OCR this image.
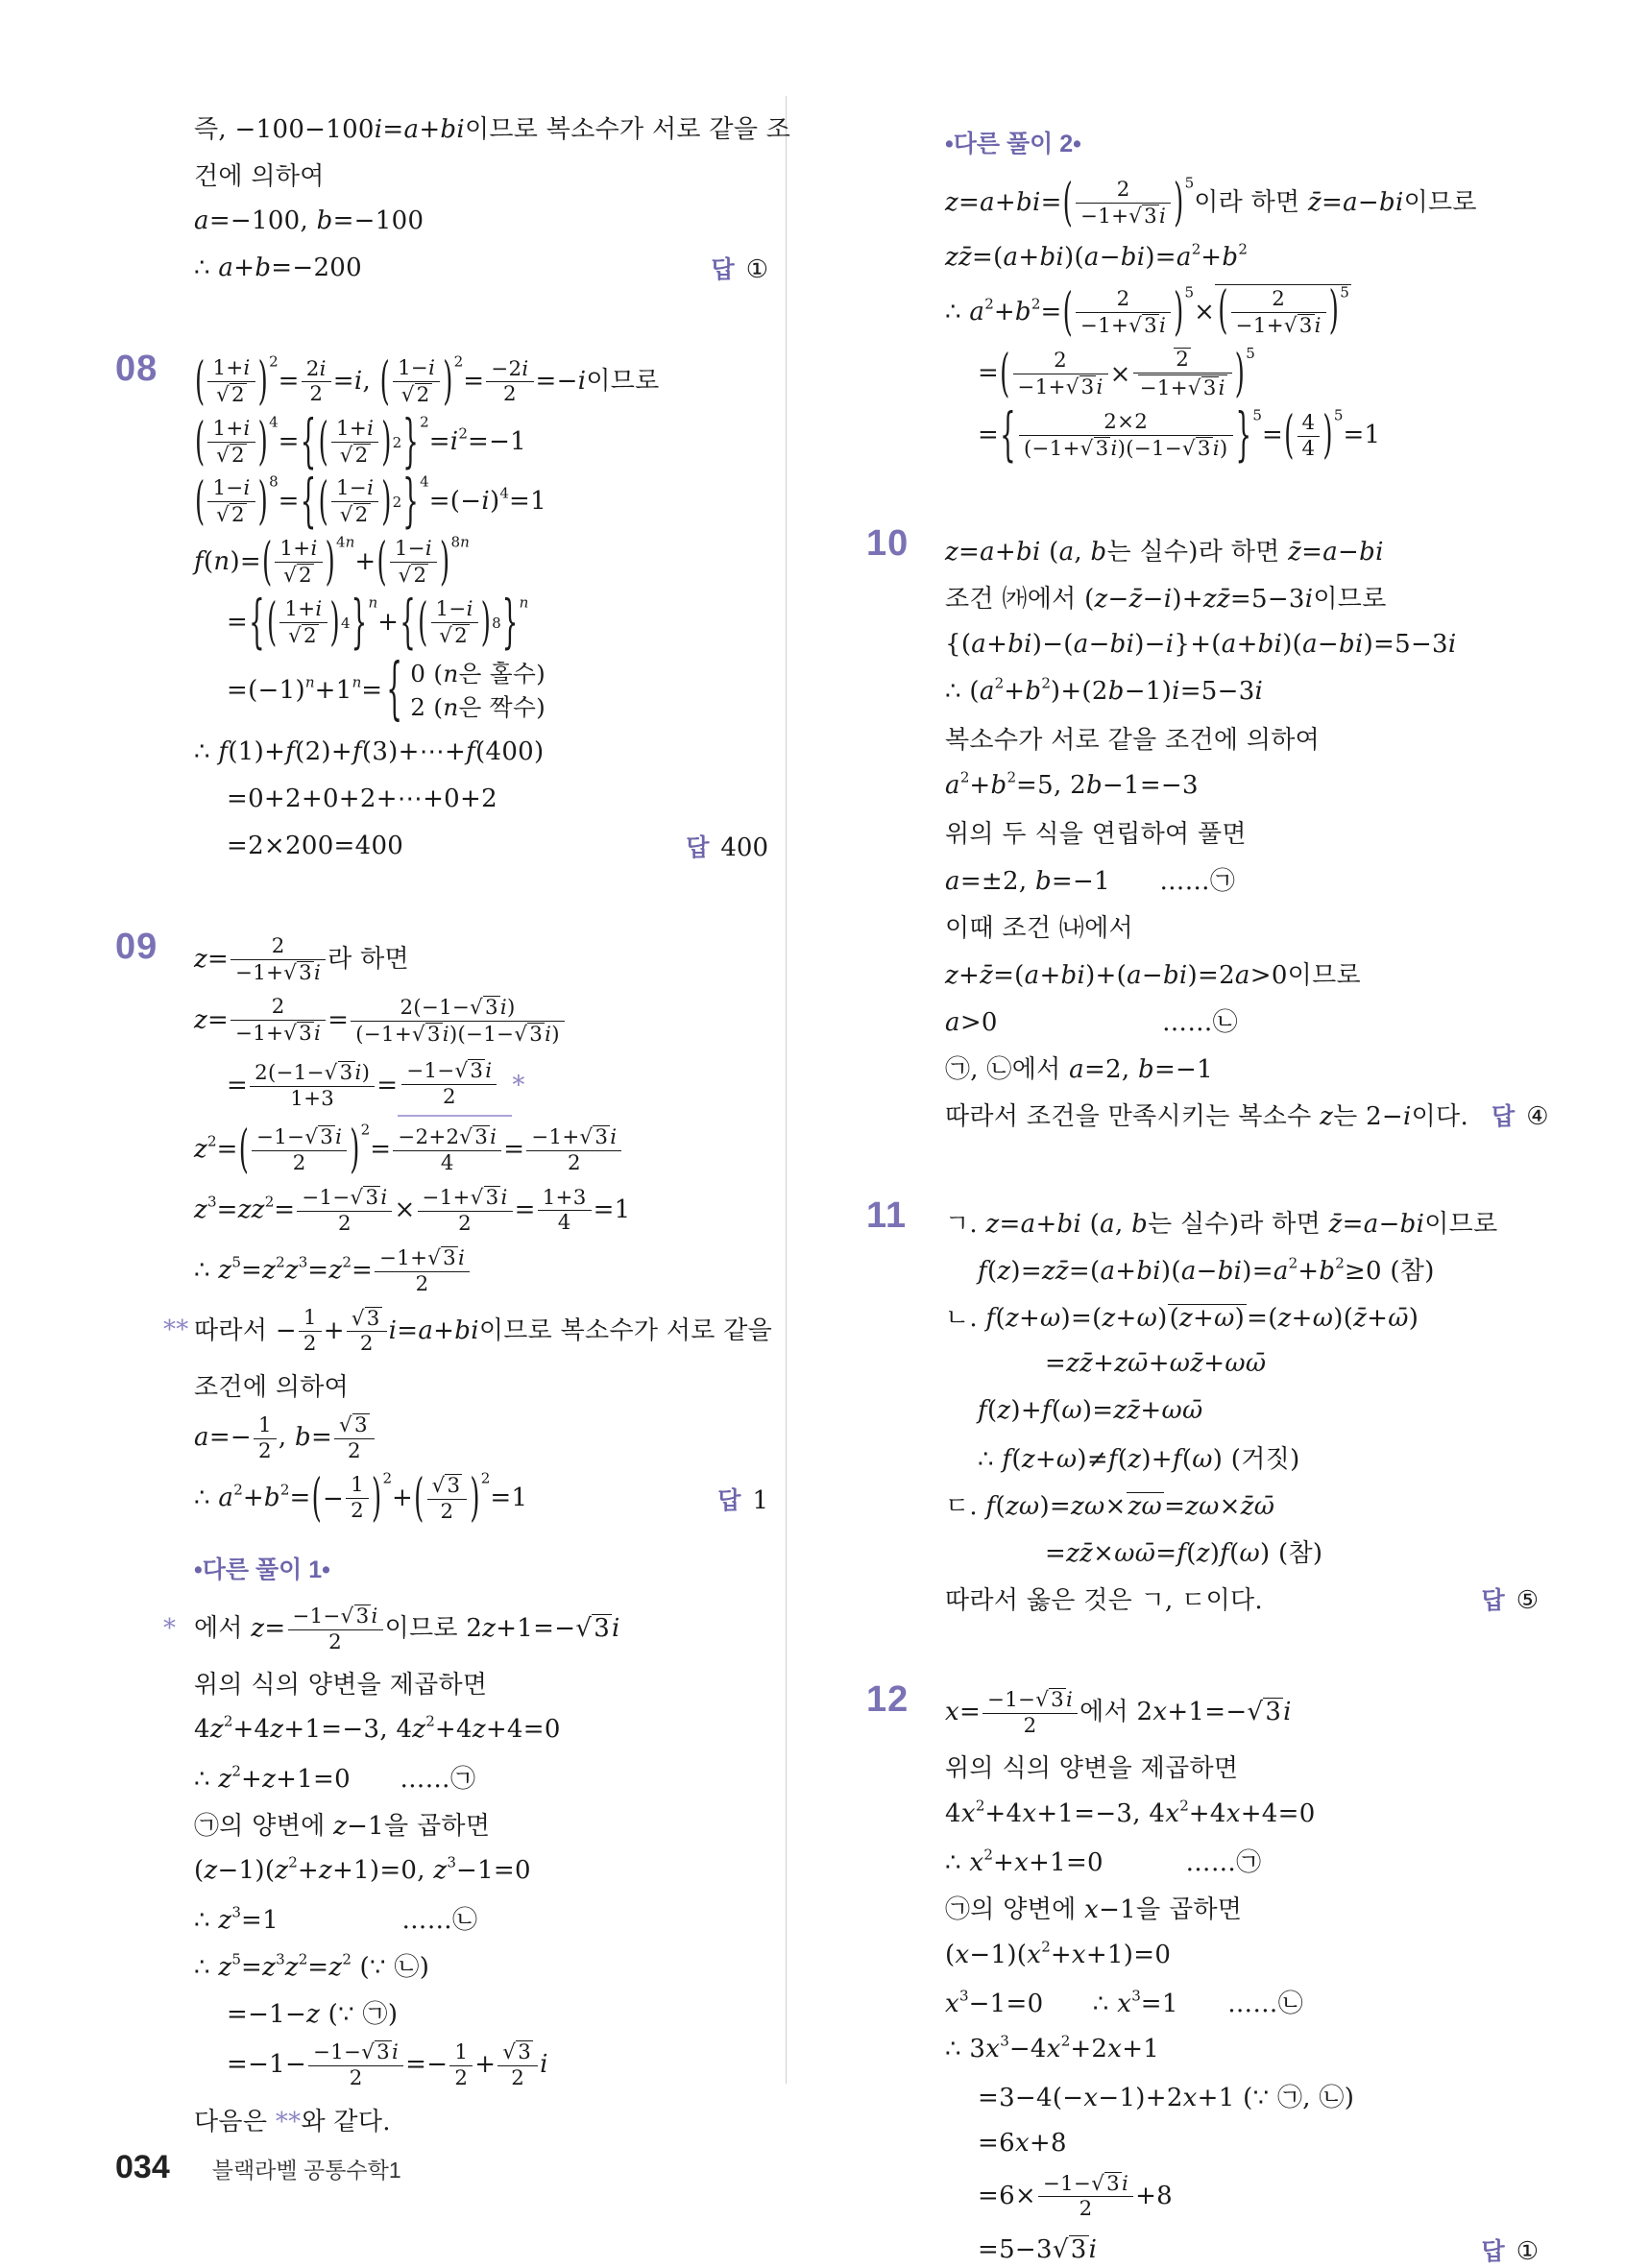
즉, −100−100i=a+bi이므로 복소수가 서로 같을 조
건에 의하여
a=−100, b=−100
∴ a+b=−200	답 ①
08	( 1+i
√2 ) $^2= \frac{2i}{2} =i$, ( 1−i
√2 ) $^2= \frac{-2i}{2} =-i$이므로
( 1+i
√2 ) $^4$= { ( 1+i
√2 ) 2 } $^2=i^2=-1$
( 1−i
√2 ) $^8$= { ( 1−i
√2 ) 2 } $^4=(-i)^4=1$
f(n)= ( 1+i
√2 ) $^{4n}$+ ( 1−i
√2 ) $^{8n}$
= { ( 1+i
√2 ) 4 } $^n$+ { ( 1−i
√2 ) 8 } $^n$
$=(-1)^n+1^n=$ { 0 (n은 홀수)
2 (n은 짝수)
∴ f(1)+f(2)+f(3)+⋯+f(400)
=0+2+0+2+⋯+0+2
=2×200=400	답 400
09	$z= \frac{2}{-1+√3i}$ 라 하면
$z= \frac{2}{-1+√3i} = \frac{2(-1-√3i)}{(-1+√3i)(-1-√3i)}$
= $\frac{2(-1-√3i)}{1+3} = \frac{-1-√3i}{2}$ *
$z^2=$ ( −1−√3i
2	) $^2= \frac{-2+2√3i}{4} = \frac{-1+√3i}{2}$
$z^3=zz^2= \frac{-1-√3i}{2} \times \frac{-1+√3i}{2} = \frac{1+3}{4} =1$
∴ $z^5=z^2z^3=z^2= \frac{-1+√3i}{2}$
** 따라서 − $\frac{1}{2} + \frac{√3}{2} i=a+bi$이므로 복소수가 서로 같을
조건에 의하여
$a=- \frac{1}{2}$ , $b= \frac{√3}{2}$
∴ $a^2+b^2=$ ( − 1
2 ) $^2$+ ( √3
2 ) $^2$=1	답 1
•다른 풀이 1•
* 에서 $z= \frac{-1-√3i}{2}$ 이므로 2z+1=−√3i
위의 식의 양변을 제곱하면
$4z^2+4z+1=-3$, $4z^2+4z+4=0$
∴ $z^2+z+1=0$      ……㉠
㉠의 양변에 z−1을 곱하면
$(z-1)(z^2+z+1)=0$, $z^3-1=0$
∴ $z^3=1$               ……㉡
∴ $z^5=z^3z^2=z^2$ (∵ ㉡)
=−1−z (∵ ㉠)
$=-1- \frac{-1-√3i}{2} =- \frac{1}{2} + \frac{√3}{2}$ i
다음은 **와 같다.
•다른 풀이 2•
z=a+bi= (	2
−1+√3i ) $^5$이라 하면 z̄=a−bi이므로
$zz̄=(a+bi)(a-bi)=a^2+b^2$
∴ $a^2+b^2=$ (	2
−1+√3i ) $^5$× (	2
−1+√3i ) $^5$
= (	2
−1+√3i ×	2
−1+√3i ) $^5$
= {	2×2
(−1+√3i)(−1−√3i) } $^5$= ( 4
4 ) $^5$=1
10	z=a+bi (a, b는 실수)라 하면 z̄=a−bi
조건 ㈎에서 (z−z̄−i)+zz̄=5−3i이므로
{(a+bi)−(a−bi)−i}+(a+bi)(a−bi)=5−3i
∴ $(a^2+b^2)+(2b-1)i=5-3i$
복소수가 서로 같을 조건에 의하여
$a^2+b^2=5$, 2b−1=−3
위의 두 식을 연립하여 풀면
a=±2, b=−1      ……㉠
이때 조건 ㈏에서
z+z̄=(a+bi)+(a−bi)=2a>0이므로
a>0                    ……㉡
㉠, ㉡에서 a=2, b=−1
따라서 조건을 만족시키는 복소수 z는 2−i이다. 답 ④
11	ㄱ. z=a+bi (a, b는 실수)라 하면 z̄=a−bi이므로
$f(z)=zz̄=(a+bi)(a-bi)=a^2+b^2\ge 0$ (참)
ㄴ. f(z+ω)=(z+ω)(z+ω)=(z+ω)(z̄+ω̄)
=zz̄+zω̄+ωz̄+ωω̄
f(z)+f(ω)=zz̄+ωω̄
∴ f(z+ω)≠f(z)+f(ω) (거짓)
ㄷ. f(zω)=zω×zω=zω×z̄ω̄
=zz̄×ωω̄=f(z)f(ω) (참)
따라서 옳은 것은 ㄱ, ㄷ이다.	답 ⑤
12	$x= \frac{-1-√3i}{2}$ 에서 2x+1=−√3i
위의 식의 양변을 제곱하면
$4x^2+4x+1=-3$, $4x^2+4x+4=0$
∴ $x^2+x+1=0$          ……㉠
㉠의 양변에 x−1을 곱하면
$(x-1)(x^2+x+1)=0$
$x^3-1=0$      ∴ $x^3=1$      ……㉡
∴ $3x^3-4x^2+2x+1$
=3−4(−x−1)+2x+1 (∵ ㉠, ㉡)
=6x+8
$=6\times \frac{-1-√3i}{2} +8$
=5−3√3i	답 ①
034 블랙라벨 공통수학1
